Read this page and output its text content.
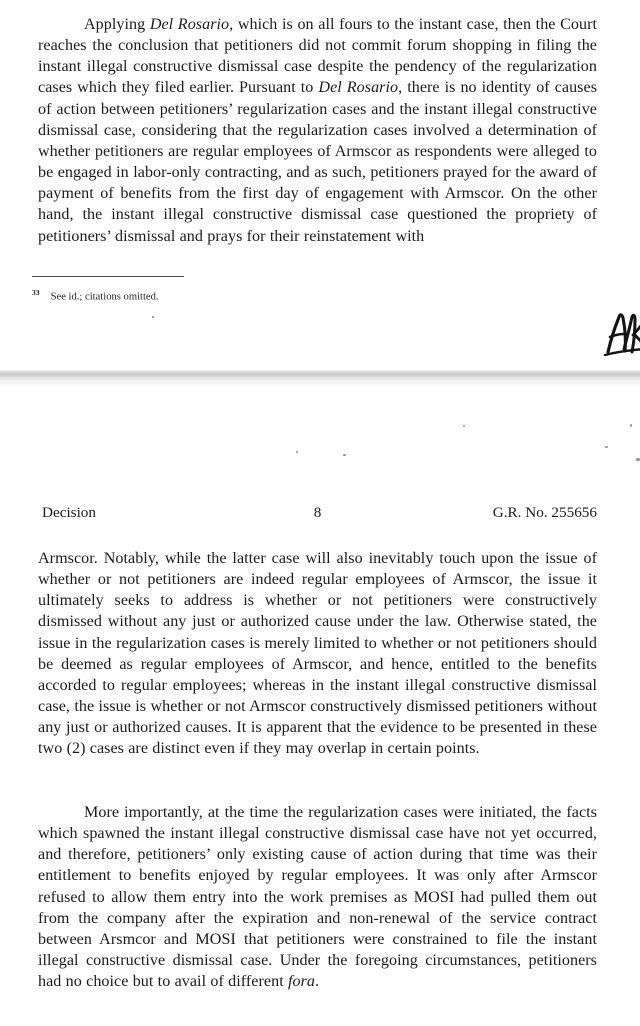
Applying Del Rosario, which is on all fours to the instant case, then the Court reaches the conclusion that petitioners did not commit forum shopping in filing the instant illegal constructive dismissal case despite the pendency of the regularization cases which they filed earlier. Pursuant to Del Rosario, there is no identity of causes of action between petitioners’ regularization cases and the instant illegal constructive dismissal case, considering that the regularization cases involved a determination of whether petitioners are regular employees of Armscor as respondents were alleged to be engaged in labor-only contracting, and as such, petitioners prayed for the award of payment of benefits from the first day of engagement with Armscor. On the other hand, the instant illegal constructive dismissal case questioned the propriety of petitioners’ dismissal and prays for their reinstatement with

$^{33}$ See id.; citations omitted.
Decision	8	G.R. No. 255656

Armscor. Notably, while the latter case will also inevitably touch upon the issue of whether or not petitioners are indeed regular employees of Armscor, the issue it ultimately seeks to address is whether or not petitioners were constructively dismissed without any just or authorized cause under the law. Otherwise stated, the issue in the regularization cases is merely limited to whether or not petitioners should be deemed as regular employees of Armscor, and hence, entitled to the benefits accorded to regular employees; whereas in the instant illegal constructive dismissal case, the issue is whether or not Armscor constructively dismissed petitioners without any just or authorized causes. It is apparent that the evidence to be presented in these two (2) cases are distinct even if they may overlap in certain points.

More importantly, at the time the regularization cases were initiated, the facts which spawned the instant illegal constructive dismissal case have not yet occurred, and therefore, petitioners’ only existing cause of action during that time was their entitlement to benefits enjoyed by regular employees. It was only after Armscor refused to allow them entry into the work premises as MOSI had pulled them out from the company after the expiration and non-renewal of the service contract between Arsmcor and MOSI that petitioners were constrained to file the instant illegal constructive dismissal case. Under the foregoing circumstances, petitioners had no choice but to avail of different fora.
